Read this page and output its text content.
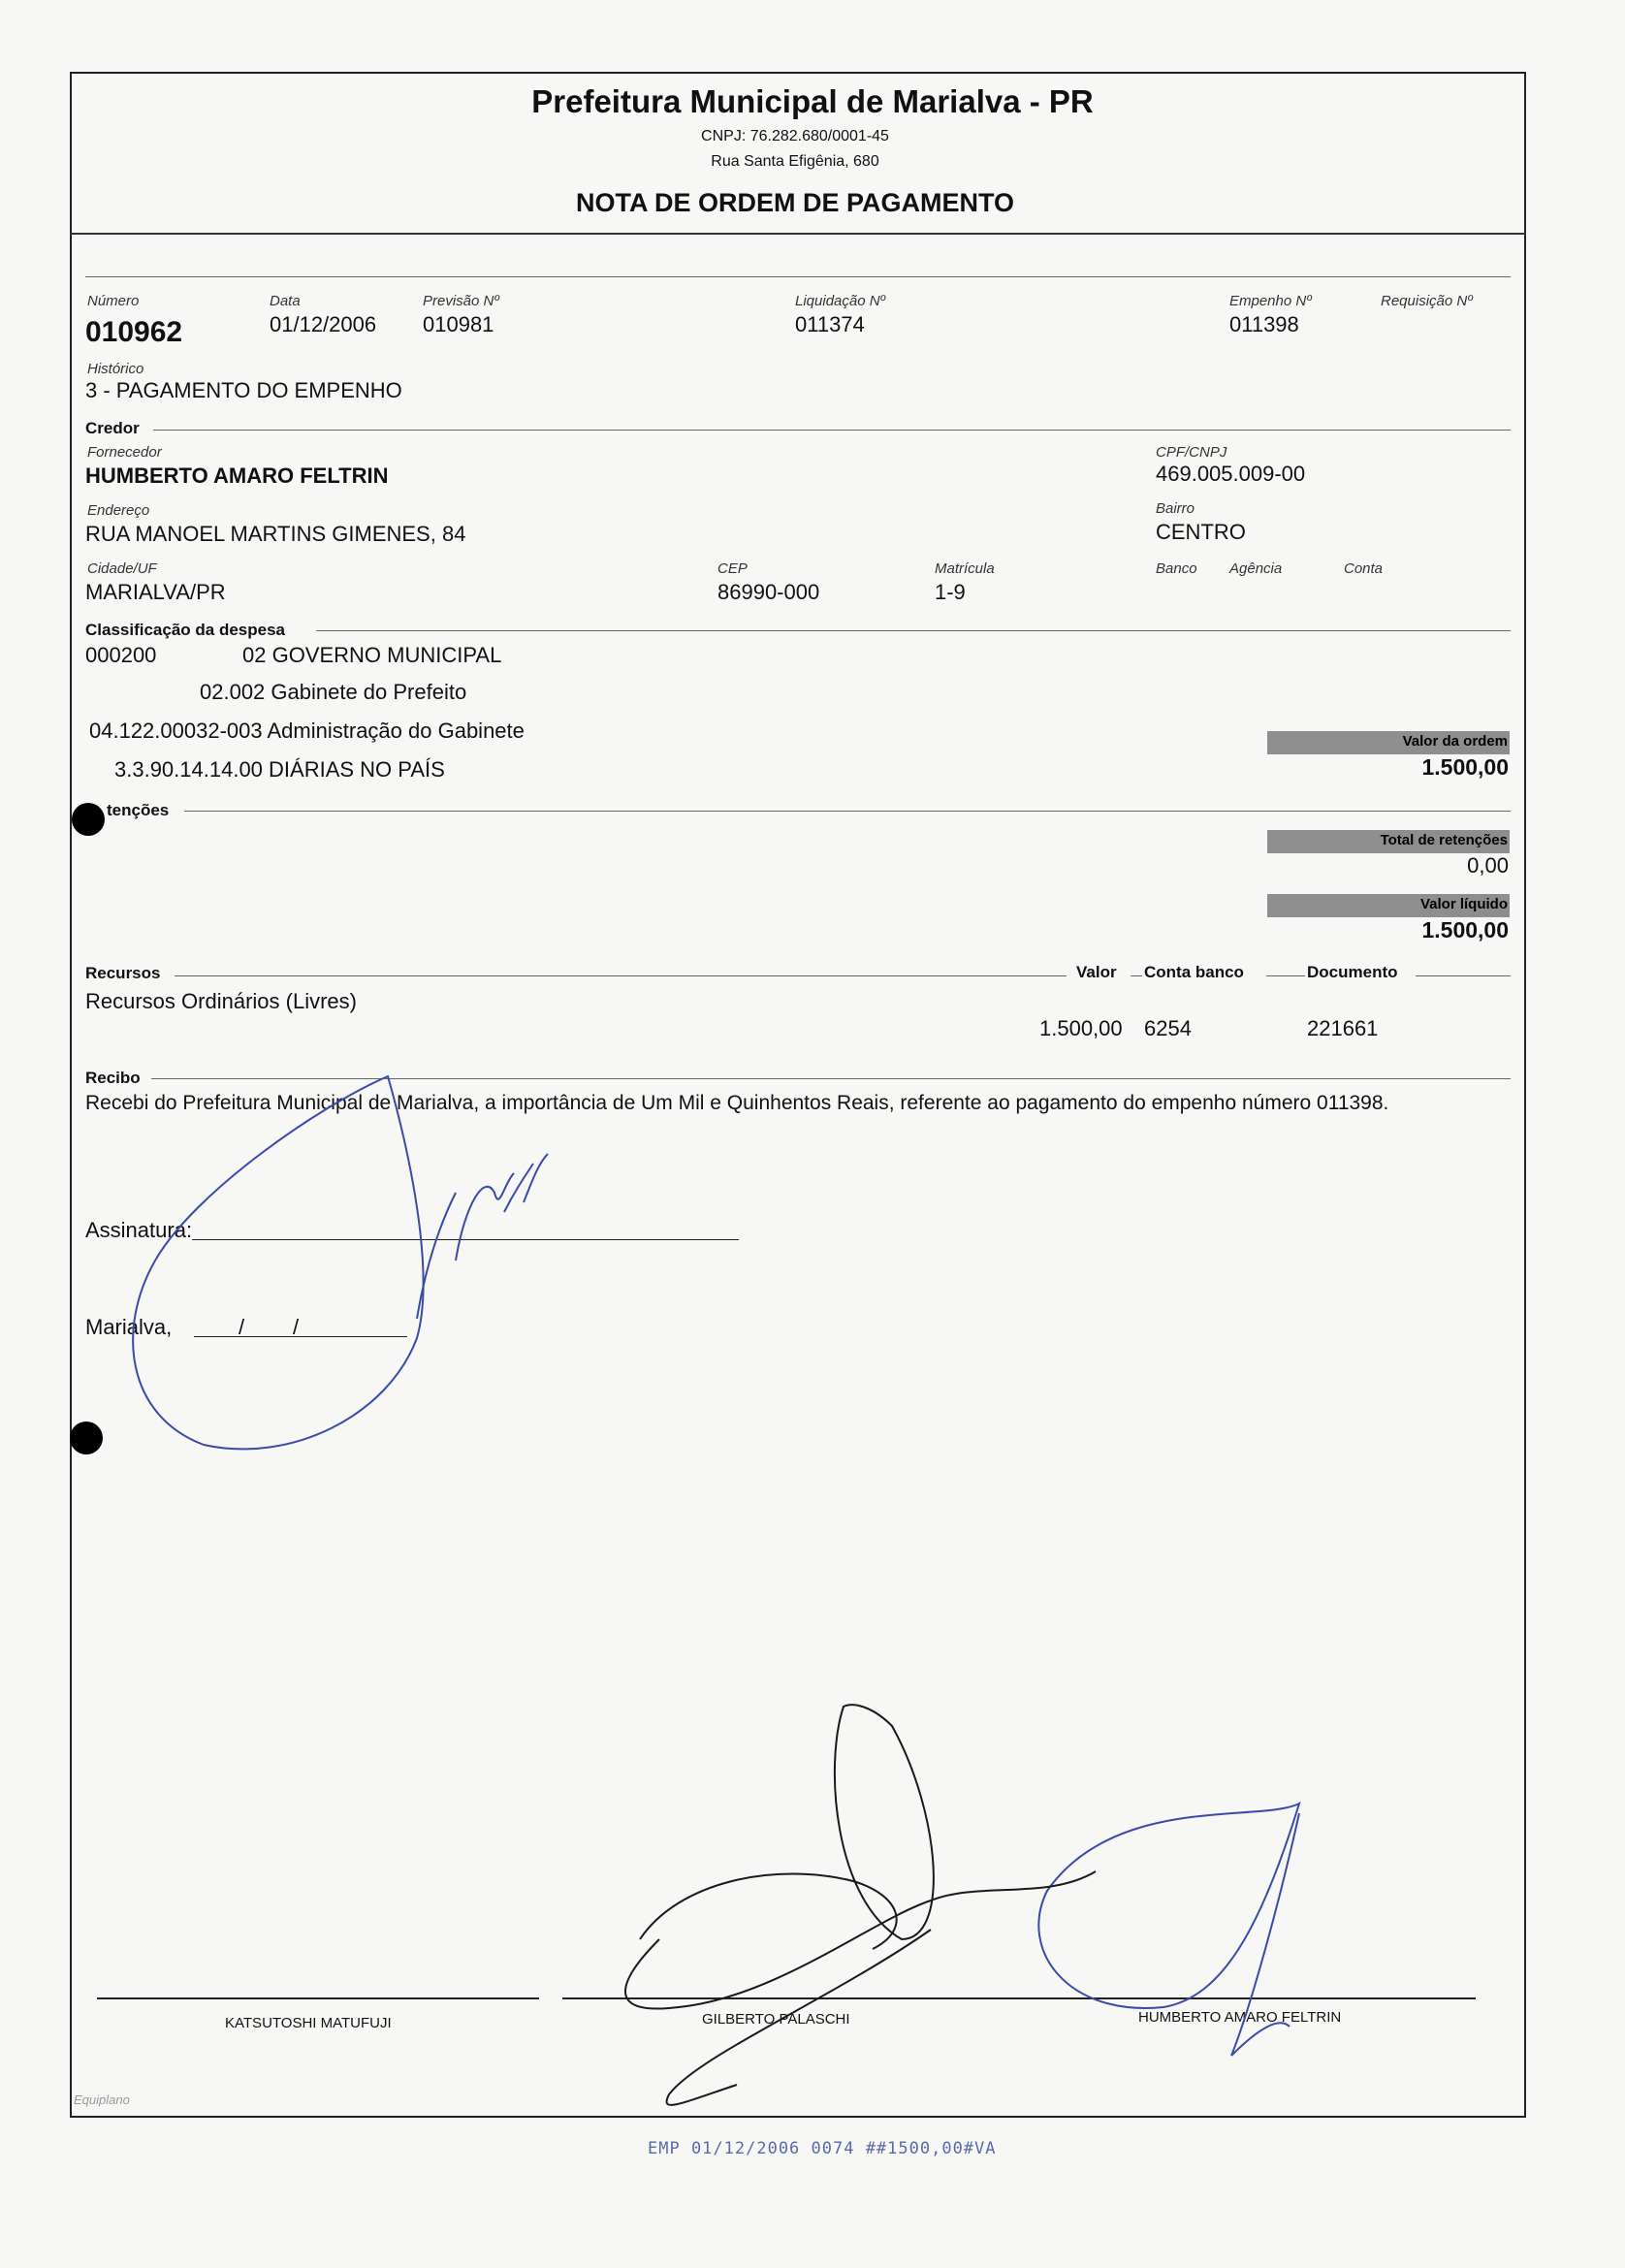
Prefeitura Municipal de Marialva - PR
CNPJ: 76.282.680/0001-45
Rua Santa Efigênia, 680
NOTA DE ORDEM DE PAGAMENTO
Número
010962
Data
01/12/2006
Previsão Nº
010981
Liquidação Nº
011374
Empenho Nº
011398
Requisição Nº
Histórico
3 - PAGAMENTO DO EMPENHO
Credor
Fornecedor
HUMBERTO AMARO FELTRIN
CPF/CNPJ
469.005.009-00
Endereço
RUA MANOEL MARTINS GIMENES, 84
Bairro
CENTRO
Cidade/UF
MARIALVA/PR
CEP
86990-000
Matrícula
1-9
Banco Agência	Conta
Classificação da despesa
000200	02 GOVERNO MUNICIPAL
02.002 Gabinete do Prefeito
04.122.00032-003 Administração do Gabinete
3.3.90.14.14.00 DIÁRIAS NO PAÍS
Valor da ordem
1.500,00
tenções
Total de retenções
0,00
Valor líquido
1.500,00
Recursos	Valor Conta banco	Documento
Recursos Ordinários (Livres)
1.500,00 6254	221661
Recibo
Recebi do Prefeitura Municipal de Marialva, a importância de Um Mil e Quinhentos Reais, referente ao pagamento do empenho número 011398.
Assinatura:
Marialva,	/ /
KATSUTOSHI MATUFUJI	GILBERTO PALASCHI	HUMBERTO AMARO FELTRIN
Equiplano
EMP 01/12/2006 0074 ##1500,00#VA
